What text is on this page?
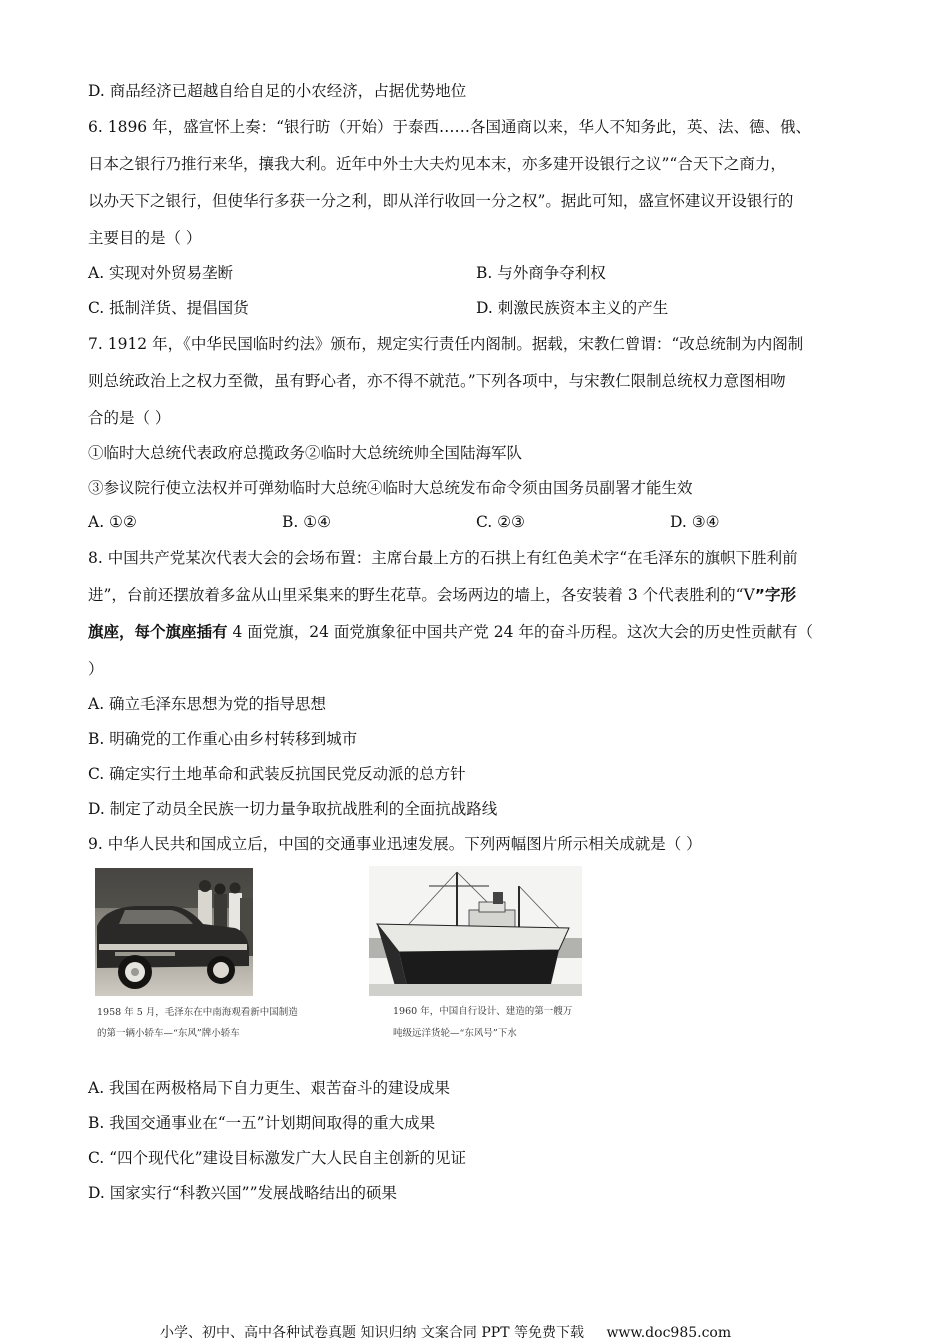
D. 商品经济已超越自给自足的小农经济，占据优势地位
6. 1896 年，盛宣怀上奏：“银行昉（开始）于泰西……各国通商以来，华人不知务此，英、法、德、俄、
日本之银行乃推行来华，攘我大利。近年中外士大夫灼见本末，亦多建开设银行之议”“合天下之商力，
以办天下之银行，但使华行多获一分之利，即从洋行收回一分之权”。据此可知，盛宣怀建议开设银行的
主要目的是（ ）
A. 实现对外贸易垄断	B. 与外商争夺利权
C. 抵制洋货、提倡国货	D. 刺激民族资本主义的产生
7. 1912 年，《中华民国临时约法》颁布，规定实行责任内阁制。据载，宋教仁曾谓：“改总统制为内阁制
则总统政治上之权力至微，虽有野心者，亦不得不就范。”下列各项中，与宋教仁限制总统权力意图相吻
合的是（ ）
①临时大总统代表政府总揽政务②临时大总统统帅全国陆海军队
③参议院行使立法权并可弹劾临时大总统④临时大总统发布命令须由国务员副署才能生效
A. ①②	B. ①④	C. ②③	D. ③④
8. 中国共产党某次代表大会的会场布置：主席台最上方的石拱上有红色美术字“在毛泽东的旗帜下胜利前
进”，台前还摆放着多盆从山里采集来的野生花草。会场两边的墙上，各安装着 3 个代表胜利的“V”字形
旗座，每个旗座插有 4 面党旗，24 面党旗象征中国共产党 24 年的奋斗历程。这次大会的历史性贡献有（
）
A. 确立毛泽东思想为党的指导思想
B. 明确党的工作重心由乡村转移到城市
C. 确定实行土地革命和武装反抗国民党反动派的总方针
D. 制定了动员全民族一切力量争取抗战胜利的全面抗战路线
9. 中华人民共和国成立后，中国的交通事业迅速发展。下列两幅图片所示相关成就是（ ）
1958 年 5 月，毛泽东在中南海观看新中国制造
的第一辆小轿车—“东风”牌小轿车
1960 年，中国自行设计、建造的第一艘万
吨级远洋货轮—“东风号”下水
A. 我国在两极格局下自力更生、艰苦奋斗的建设成果
B. 我国交通事业在“一五”计划期间取得的重大成果
C. “四个现代化”建设目标激发广大人民自主创新的见证
D. 国家实行“科教兴国””发展战略结出的硕果
小学、初中、高中各种试卷真题 知识归纳 文案合同 PPT 等免费下载 www.doc985.com
